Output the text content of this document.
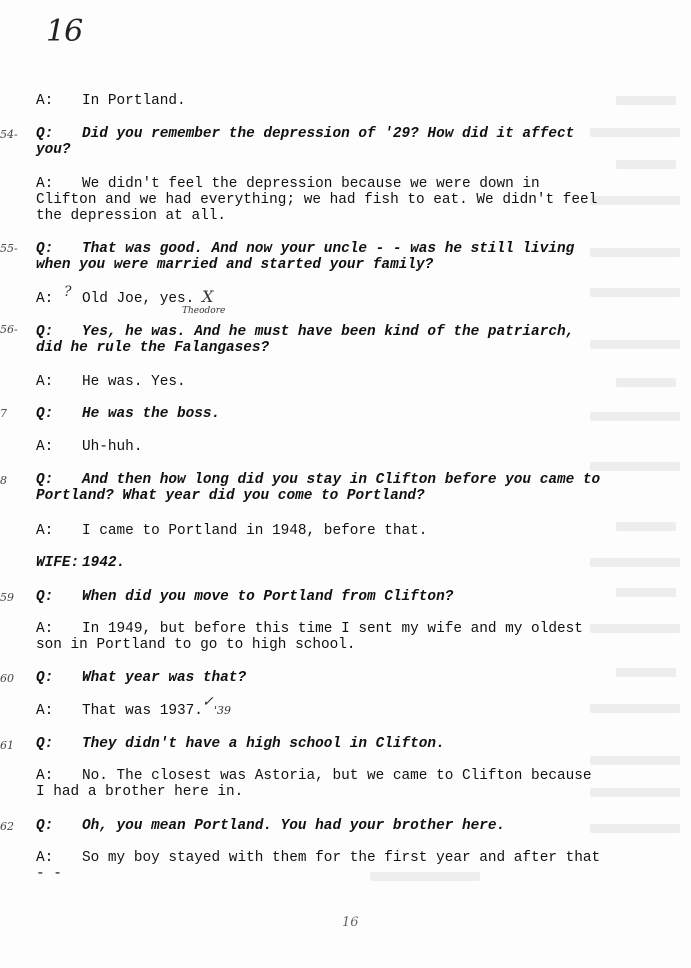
16
54-
55-
56-
7
8
59
60
61
62
A: In Portland.
Q: Did you remember the depression of '29? How did it affect
you?
A: We didn't feel the depression because we were down in
Clifton and we had everything; we had fish to eat. We didn't feel
the depression at all.
Q: That was good. And now your uncle - - was he still living
when you were married and started your family?
A: Old Joe, yes.
?	X
Theodore
Q: Yes, he was. And he must have been kind of the patriarch,
did he rule the Falangases?
A: He was. Yes.
Q: He was the boss.
A: Uh-huh.
Q: And then how long did you stay in Clifton before you came to
Portland? What year did you come to Portland?
A: I came to Portland in 1948, before that.
WIFE: 1942.
Q: When did you move to Portland from Clifton?
A: In 1949, but before this time I sent my wife and my oldest
son in Portland to go to high school.
Q: What year was that?
A: That was 1937.
✓
'39
Q: They didn't have a high school in Clifton.
A: No. The closest was Astoria, but we came to Clifton because
I had a brother here in.
Q: Oh, you mean Portland. You had your brother here.
A: So my boy stayed with them for the first year and after that
- -
16
